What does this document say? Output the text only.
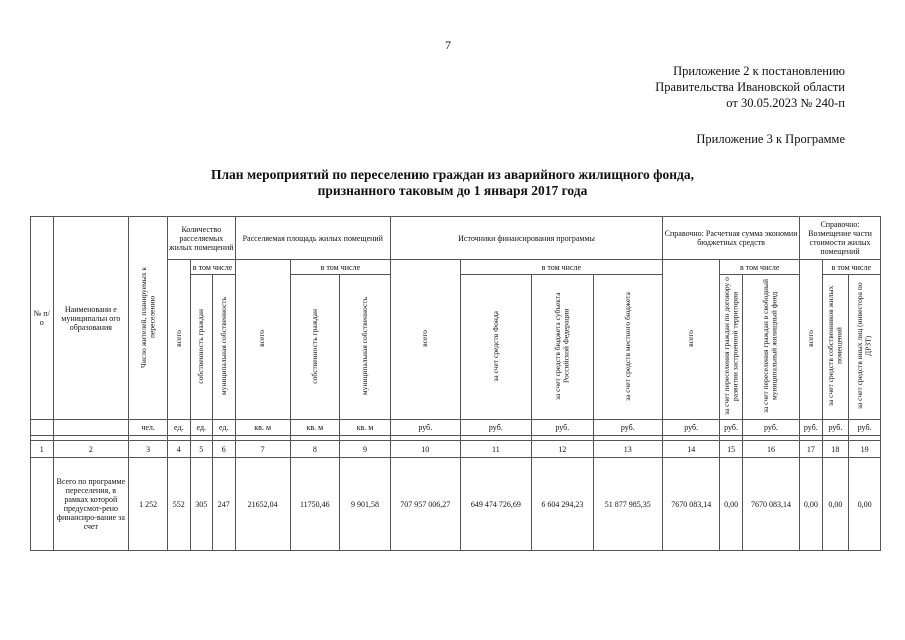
7
Приложение 2 к постановлению
Правительства Ивановской области
от 30.05.2023 № 240-п
Приложение 3 к Программе
План мероприятий по переселению граждан из аварийного жилищного фонда,
признанного таковым до 1 января 2017 года
№ п/о	Наименовани е муниципальн ого образования	Число жителей, планируемых к переселению	Количество расселяемых жилых помещений			Расселяемая площадь жилых помещений			Источники финансирования программы				Справочно: Расчетная сумма экономии бюджетных средств			Справочно: Возмещение части стоимости жилых помещений		
			всего	в том числе		всего	в том числе		всего	в том числе			всего	в том числе		всего	в том числе	
				собственность граждан	муниципальная собственность		собственность граждан	муниципальная собственность		за счет средств Фонда	за счет средств бюджета субъекта Российской Федерации	за счет средств местного бюджета		за счет переселения граждан по договору о развитии застроенной территории	за счет переселения граждан в свободный муниципальный жилищный фонд		за счет средств собственников жилых помещений	за счет средств иных лиц (инвестора по ДРЗТ)
		чел.	ед.	ед.	ед.	кв. м	кв. м	кв. м	руб.	руб.	руб.	руб.	руб.	руб.	руб.	руб.	руб.	руб.

1	2	3	4	5	6	7	8	9	10	11	12	13	14	15	16	17	18	19
	Всего по программе переселения, в рамках которой предусмот-рено финансиро-вание за счет	1 252	552	305	247	21652,04	11750,46	9 901,58	707 957 006,27	649 474 726,69	6 604 294,23	51 877 985,35	7670 083,14	0,00	7670 083,14	0,00	0,00	0,00
